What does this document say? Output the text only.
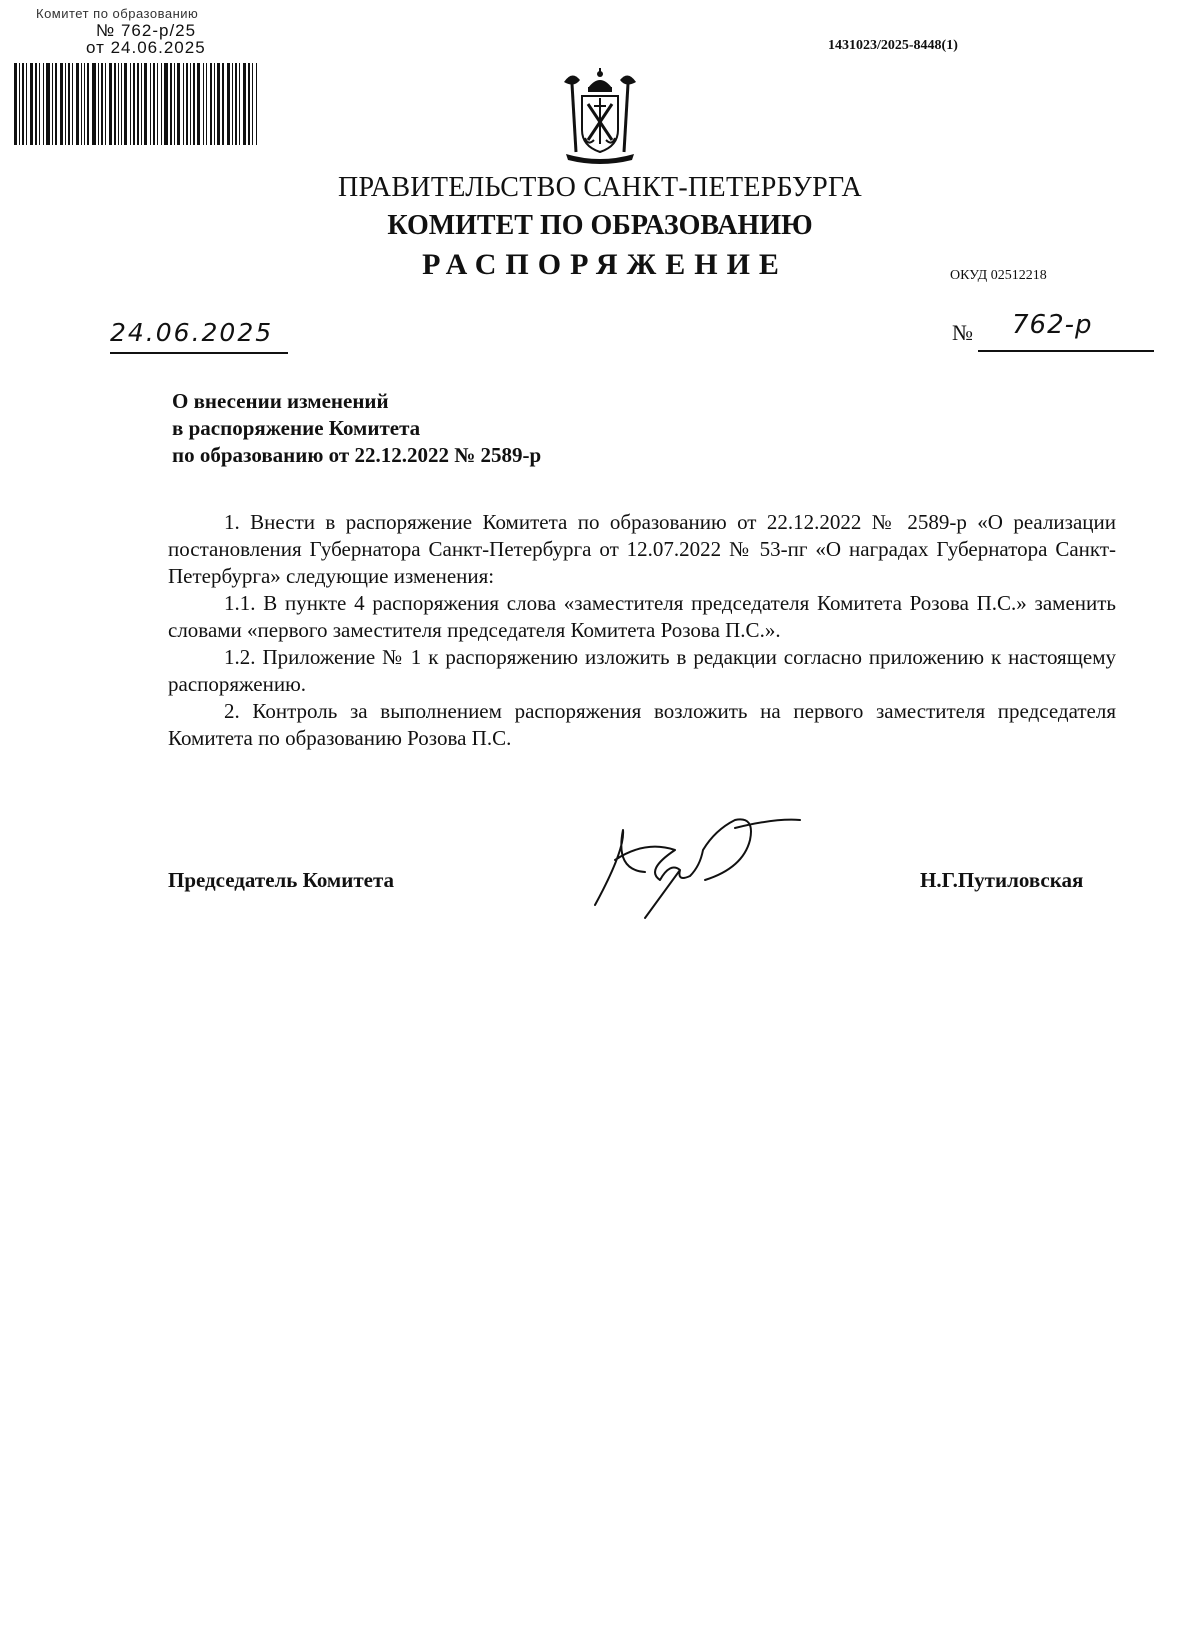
Комитет по образованию
№ 762-р/25
от 24.06.2025	1431023/2025-8448(1)
ПРАВИТЕЛЬСТВО САНКТ-ПЕТЕРБУРГА
КОМИТЕТ ПО ОБРАЗОВАНИЮ
РАСПОРЯЖЕНИЕ	ОКУД 02512218
24.06.2025	№ 762-р
О внесении изменений
в распоряжение Комитета
по образованию от 22.12.2022 № 2589-р
1. Внести в распоряжение Комитета по образованию от 22.12.2022 № 2589-р «О реализации постановления Губернатора Санкт-Петербурга от 12.07.2022 № 53-пг «О наградах Губернатора Санкт-Петербурга» следующие изменения:
1.1. В пункте 4 распоряжения слова «заместителя председателя Комитета Розова П.С.» заменить словами «первого заместителя председателя Комитета Розова П.С.».
1.2. Приложение № 1 к распоряжению изложить в редакции согласно приложению к настоящему распоряжению.
2. Контроль за выполнением распоряжения возложить на первого заместителя председателя Комитета по образованию Розова П.С.
Председатель Комитета	Н.Г.Путиловская
